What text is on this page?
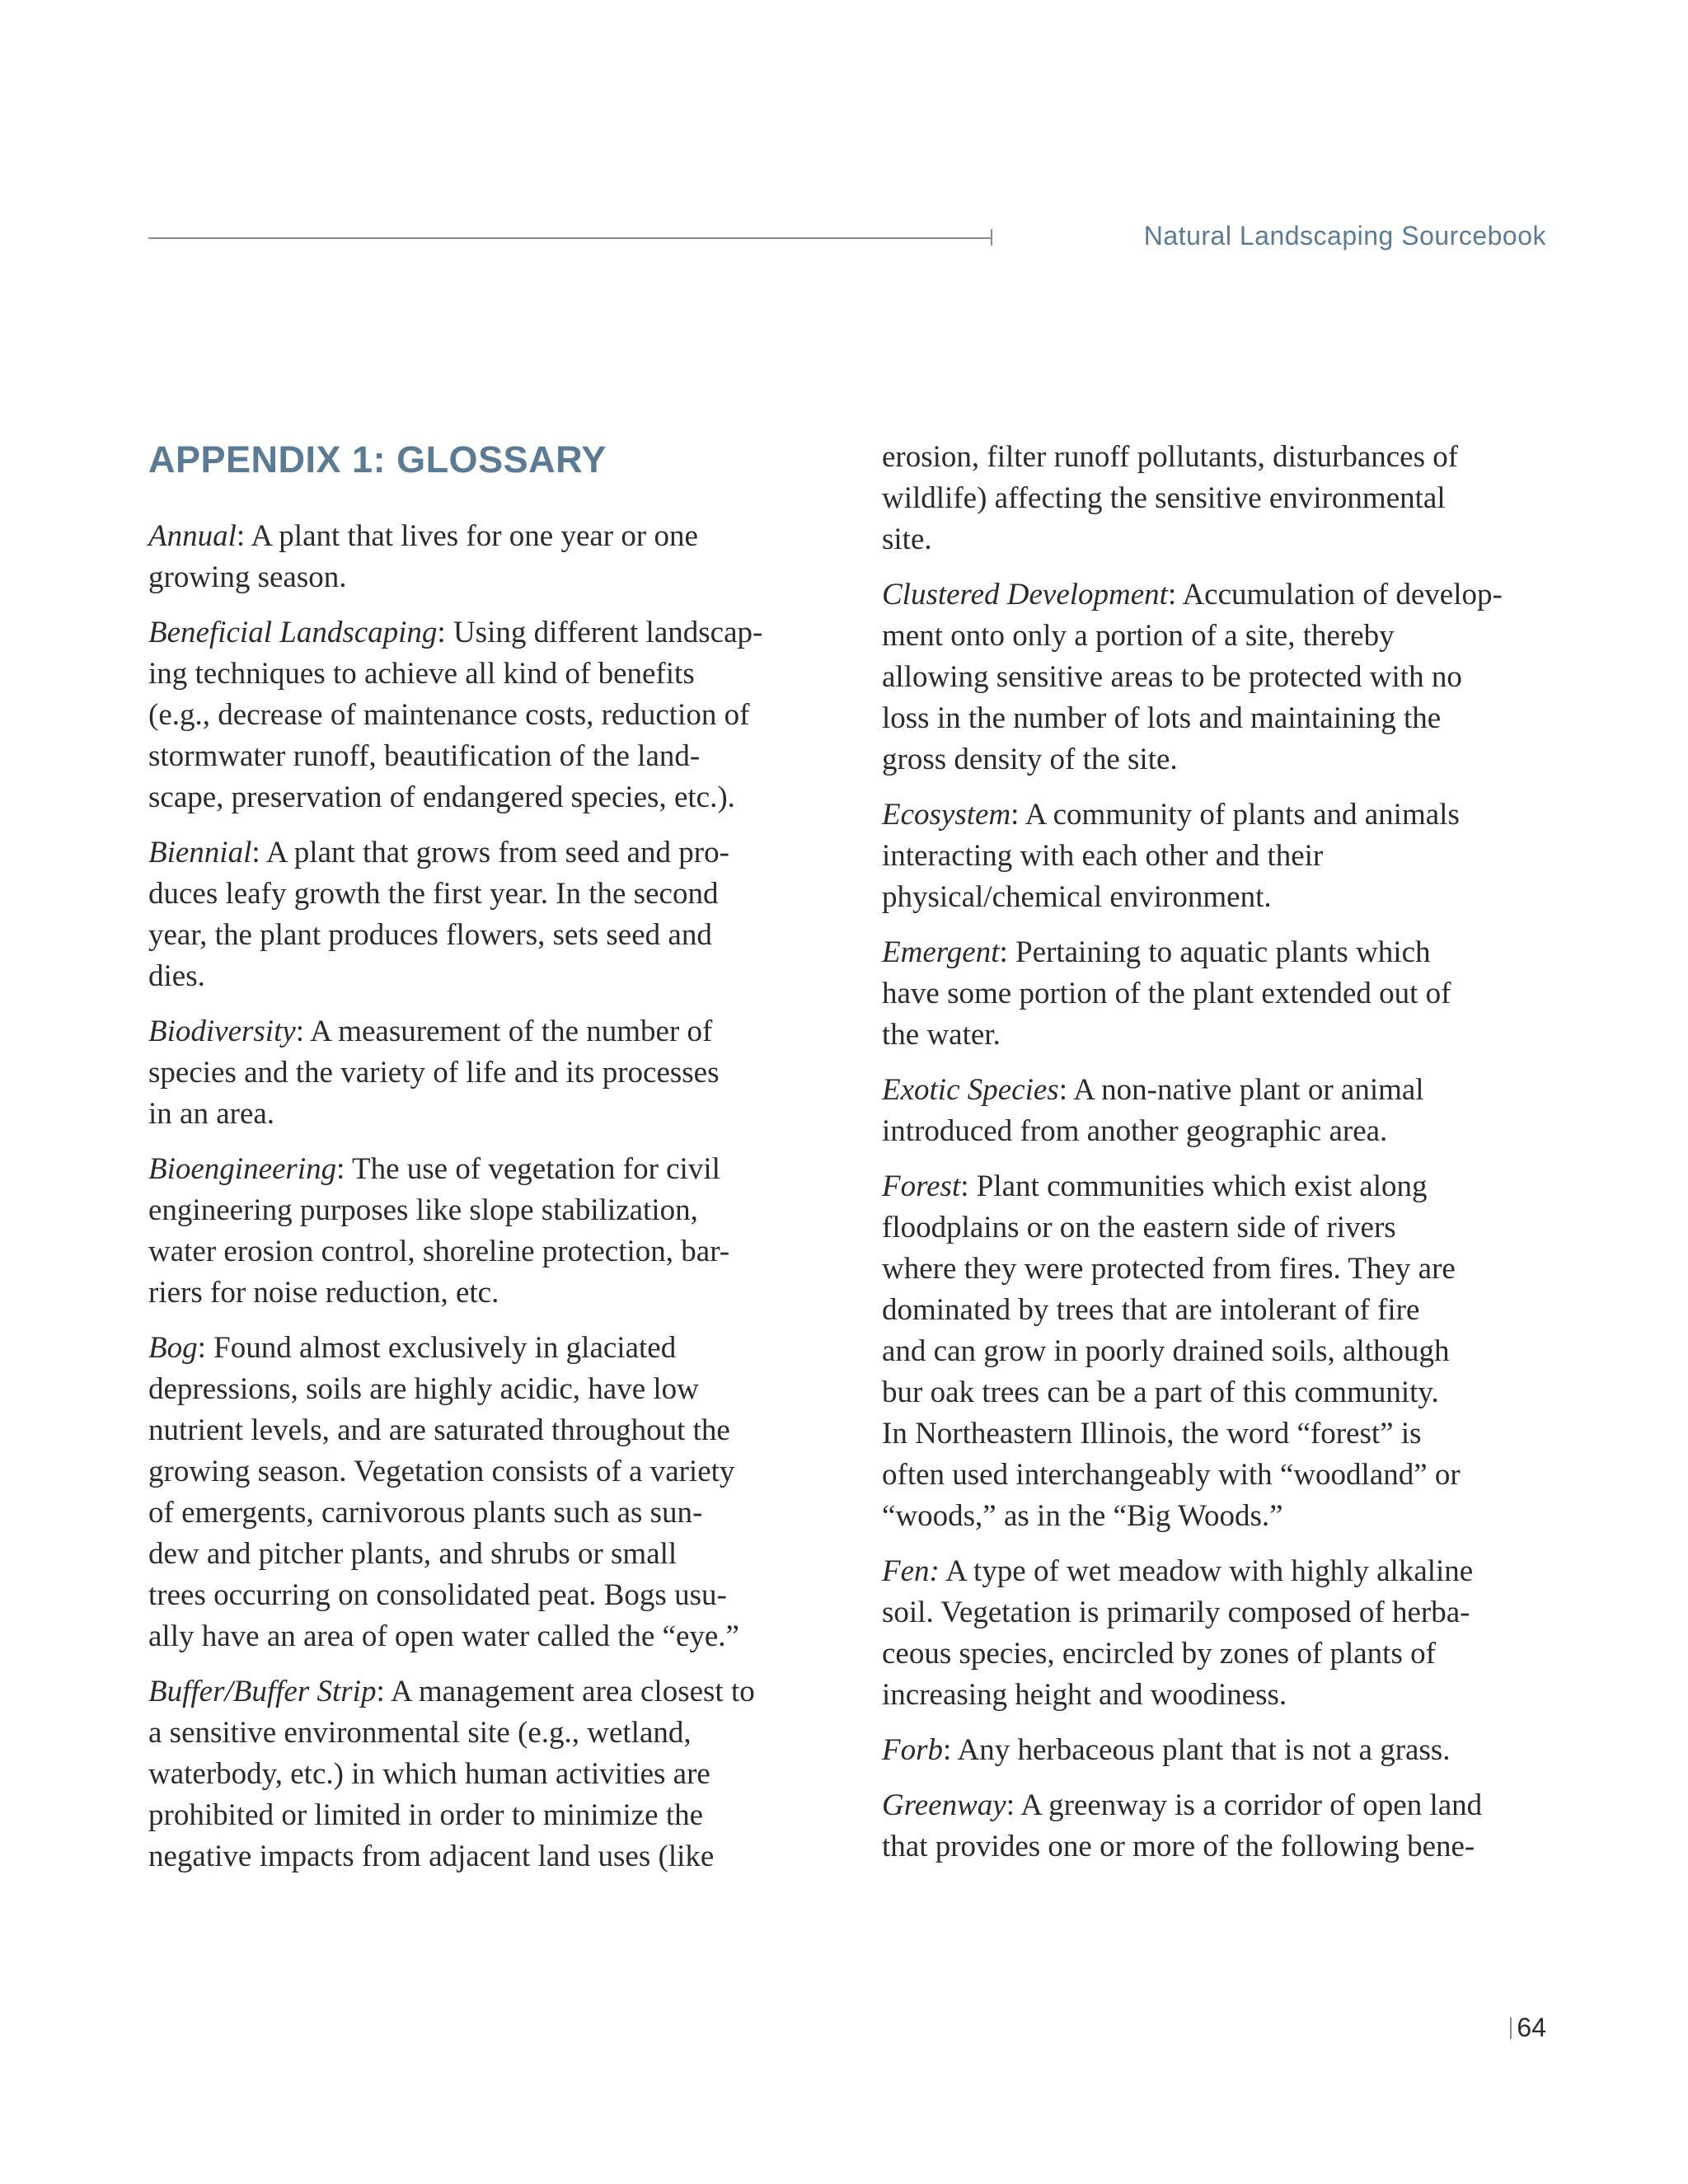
Natural Landscaping Sourcebook
APPENDIX 1: GLOSSARY

Annual: A plant that lives for one year or one
growing season.

Beneficial Landscaping: Using different landscap-
ing techniques to achieve all kind of benefits
(e.g., decrease of maintenance costs, reduction of
stormwater runoff, beautification of the land-
scape, preservation of endangered species, etc.).

Biennial: A plant that grows from seed and pro-
duces leafy growth the first year. In the second
year, the plant produces flowers, sets seed and
dies.

Biodiversity: A measurement of the number of
species and the variety of life and its processes
in an area.

Bioengineering: The use of vegetation for civil
engineering purposes like slope stabilization,
water erosion control, shoreline protection, bar-
riers for noise reduction, etc.

Bog: Found almost exclusively in glaciated
depressions, soils are highly acidic, have low
nutrient levels, and are saturated throughout the
growing season. Vegetation consists of a variety
of emergents, carnivorous plants such as sun-
dew and pitcher plants, and shrubs or small
trees occurring on consolidated peat. Bogs usu-
ally have an area of open water called the “eye.”

Buffer/Buffer Strip: A management area closest to
a sensitive environmental site (e.g., wetland,
waterbody, etc.) in which human activities are
prohibited or limited in order to minimize the
negative impacts from adjacent land uses (like

erosion, filter runoff pollutants, disturbances of
wildlife) affecting the sensitive environmental
site.

Clustered Development: Accumulation of develop-
ment onto only a portion of a site, thereby
allowing sensitive areas to be protected with no
loss in the number of lots and maintaining the
gross density of the site.

Ecosystem: A community of plants and animals
interacting with each other and their
physical/chemical environment.

Emergent: Pertaining to aquatic plants which
have some portion of the plant extended out of
the water.

Exotic Species: A non-native plant or animal
introduced from another geographic area.

Forest: Plant communities which exist along
floodplains or on the eastern side of rivers
where they were protected from fires. They are
dominated by trees that are intolerant of fire
and can grow in poorly drained soils, although
bur oak trees can be a part of this community.
In Northeastern Illinois, the word “forest” is
often used interchangeably with “woodland” or
“woods,” as in the “Big Woods.”

Fen: A type of wet meadow with highly alkaline
soil. Vegetation is primarily composed of herba-
ceous species, encircled by zones of plants of
increasing height and woodiness.

Forb: Any herbaceous plant that is not a grass.

Greenway: A greenway is a corridor of open land
that provides one or more of the following bene-

64
